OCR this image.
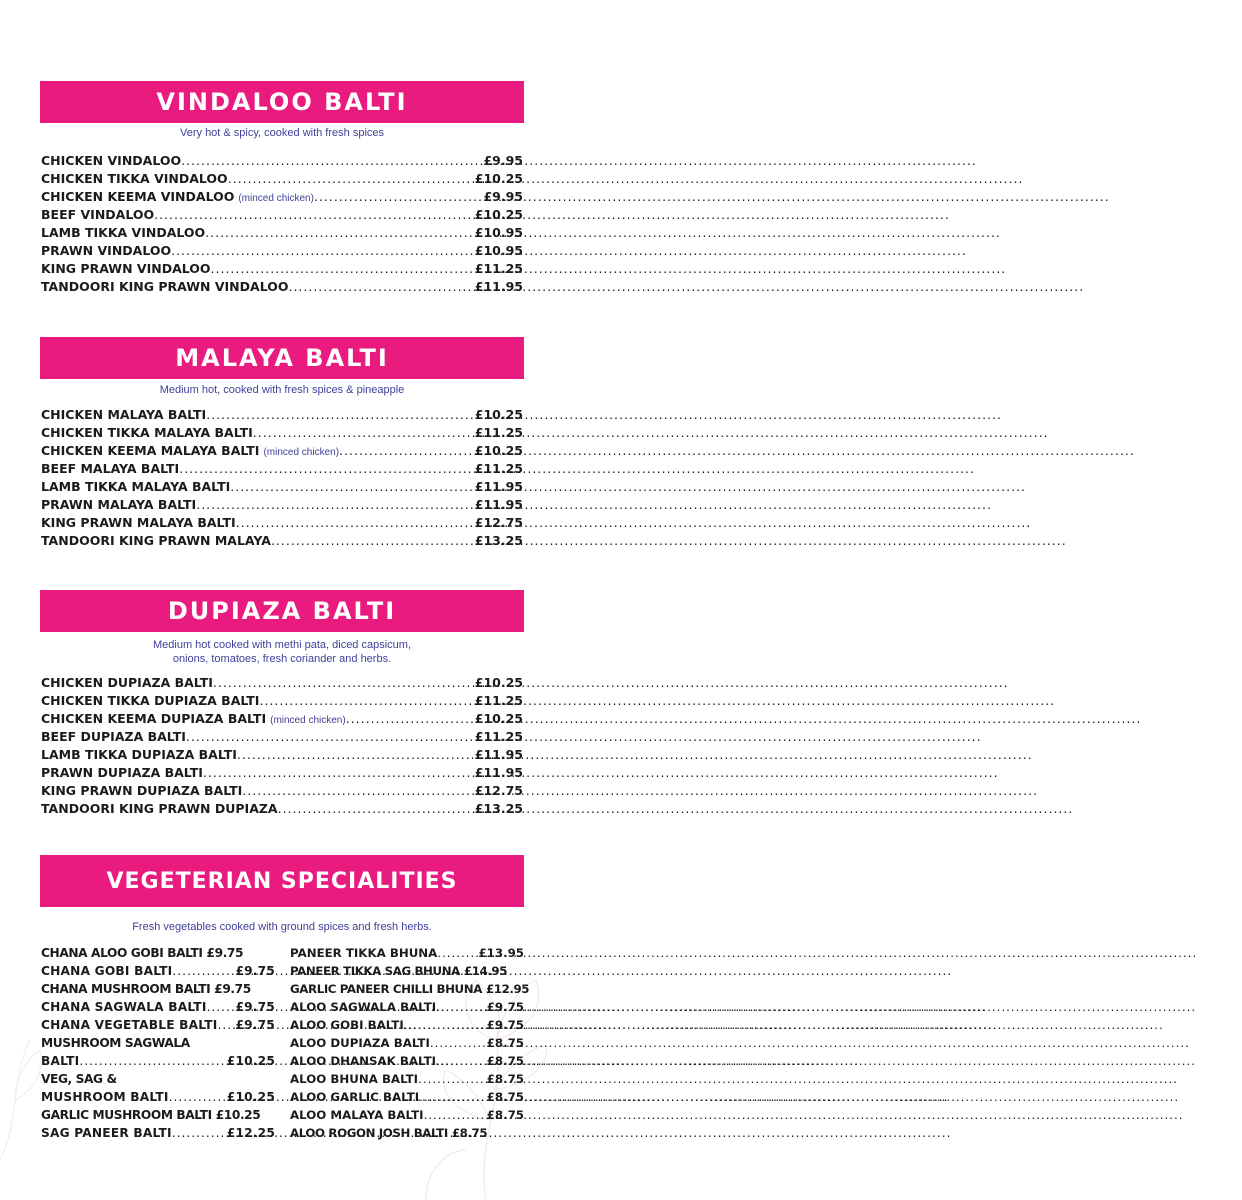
VINDALOO BALTI
Very hot & spicy, cooked with fresh spices
CHICKEN VINDALOO .....	£9.95
CHICKEN TIKKA VINDALOO .....	£10.25
CHICKEN KEEMA VINDALOO (minced chicken) .....	£9.95
BEEF VINDALOO .....	£10.25
LAMB TIKKA VINDALOO .....	£10.95
PRAWN VINDALOO .....	£10.95
KING PRAWN VINDALOO .....	£11.25
TANDOORI KING PRAWN VINDALOO .....	£11.95
MALAYA BALTI
Medium hot, cooked with fresh spices & pineapple
CHICKEN MALAYA BALTI .....	£10.25
CHICKEN TIKKA MALAYA BALTI .....	£11.25
CHICKEN KEEMA MALAYA BALTI (minced chicken) .....	£10.25
BEEF MALAYA BALTI .....	£11.25
LAMB TIKKA MALAYA BALTI .....	£11.95
PRAWN MALAYA BALTI .....	£11.95
KING PRAWN MALAYA BALTI .....	£12.75
TANDOORI KING PRAWN MALAYA .....	£13.25
DUPIAZA BALTI
Medium hot cooked with methi pata, diced capsicum,
onions, tomatoes, fresh coriander and herbs.
CHICKEN DUPIAZA BALTI .....	£10.25
CHICKEN TIKKA DUPIAZA BALTI .....	£11.25
CHICKEN KEEMA DUPIAZA BALTI (minced chicken) .....	£10.25
BEEF DUPIAZA BALTI .....	£11.25
LAMB TIKKA DUPIAZA BALTI .....	£11.95
PRAWN DUPIAZA BALTI .....	£11.95
KING PRAWN DUPIAZA BALTI .....	£12.75
TANDOORI KING PRAWN DUPIAZA .....	£13.25
VEGETERIAN SPECIALITIES
Fresh vegetables cooked with ground spices and fresh herbs.
CHANA ALOO GOBI BALTI £9.75
CHANA GOBI BALTI .....	£9.75
CHANA MUSHROOM BALTI £9.75
CHANA SAGWALA BALTI ..... £9.75
CHANA VEGETABLE BALTI ..... £9.75
MUSHROOM SAGWALA
BALTI .....	£10.25
VEG, SAG &
MUSHROOM BALTI .....	£10.25
GARLIC MUSHROOM BALTI £10.25
SAG PANEER BALTI .....	£12.25
PANEER TIKKA BHUNA .....	£13.95
PANEER TIKKA SAG BHUNA £14.95
GARLIC PANEER CHILLI BHUNA £12.95
ALOO SAGWALA BALTI .....	£9.75
ALOO GOBI BALTI .....	£9.75
ALOO DUPIAZA BALTI .....	£8.75
ALOO DHANSAK BALTI .....	£8.75
ALOO BHUNA BALTI .....	£8.75
ALOO GARLIC BALTI .....	£8.75
ALOO MALAYA BALTI .....	£8.75
ALOO ROGON JOSH BALTI £8.75
